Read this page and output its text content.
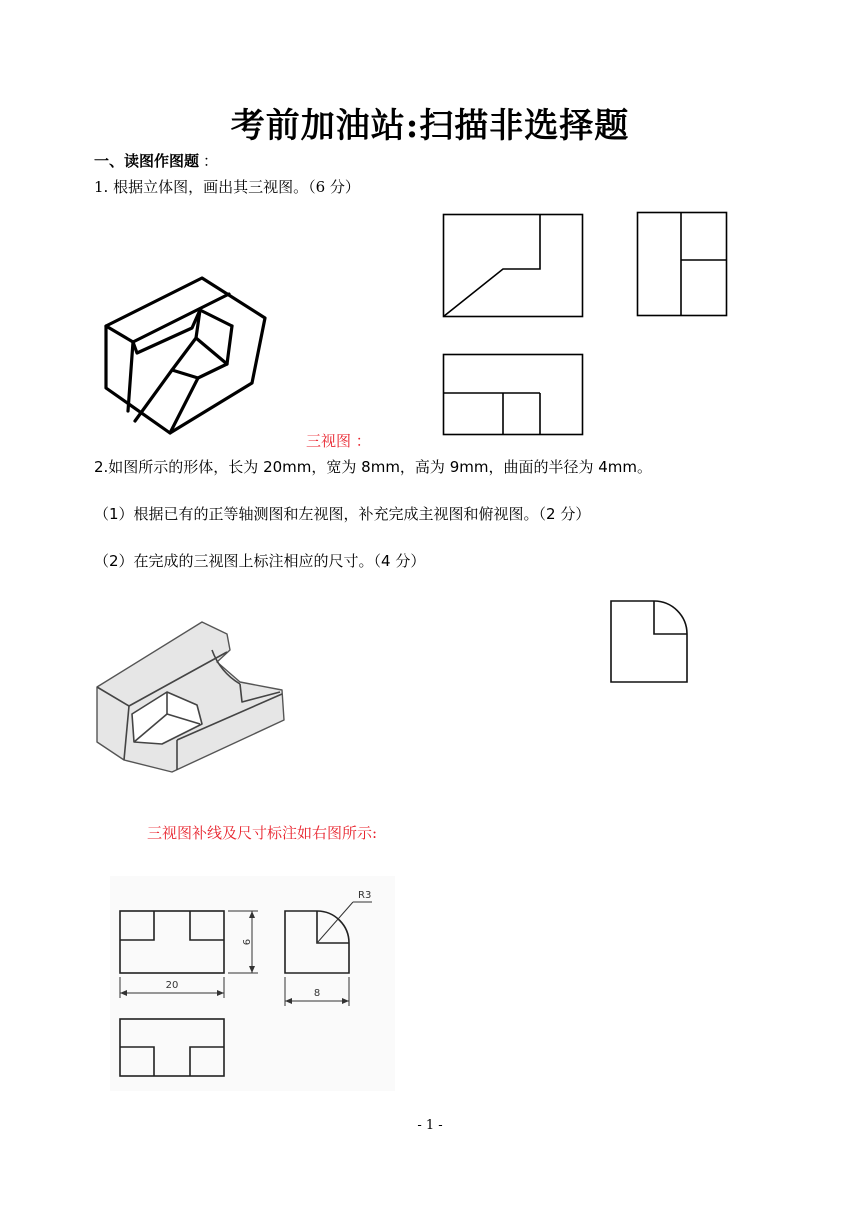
考前加油站:扫描非选择题
一、读图作图题 ：
1. 根据立体图，画出其三视图。（6 分）
三视图 ：
2.如图所示的形体，长为 20mm，宽为 8mm，高为 9mm，曲面的半径为 4mm。
（1）根据已有的正等轴测图和左视图，补充完成主视图和俯视图。（2 分）
（2）在完成的三视图上标注相应的尺寸。（4 分）
三视图补线及尺寸标注如右图所示:
R3
9
20
8
- 1 -
